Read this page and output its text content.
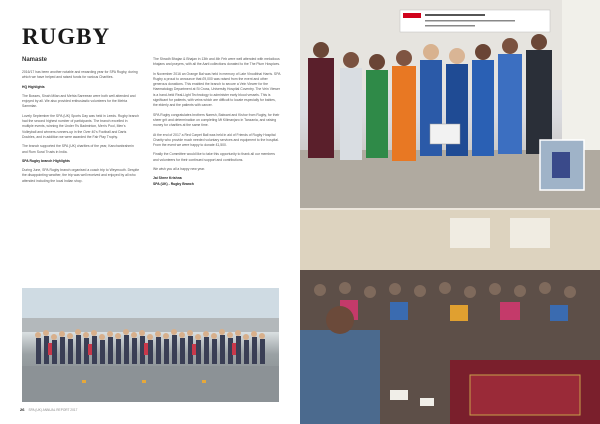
RUGBY
Namaste

2016/17 has been another notable and rewarding year for SPA Rugby, during which we have helped and raised funds for various Charities.

HQ Highlights

The Bosses, Sinah Milan and Mehta Sareeean were both well attended and enjoyed by all. We also provided enthusiastic volunteers for the Mehta Sammlan.

Lovely September the SPA (UK) Sports Day was held in Leeds. Rugby branch had the second highest number of participants. The branch excelled in multiple events, winning the Under 9's Badminton, Men's Pool, Men's Volleyball and winners-runners-up in the Over 40's Football and Darts Doubles, and in addition we were awarded the Fair Play Trophy.

The branch supported the SPA (UK) charities of the year, Kanchanbrahmin and Rum Surai Trusts in India.

SPA Rugby branch Highlights

During June, SPA Rugby branch organised a coach trip to Weymouth. Despite the disappointing weather, the trip was well received and enjoyed by all who attended including the local Indian shop.

The Shradh Bhajan & Bhajan in 13th and 4th Feb were well attended with melodious bhajans and prayers, with all the Aarti collections donated to the The Plum Hospices.

In November 2016 an Orange Bal was held in memory of Late Vinodbhai Harris. SPA Rugby a proud to announce that £9,000 was raised from the event and other generous donations. This enabled the branch to secure a Vein Viewer for the Haematology Department at St Cross, University Hospital Coventry. The Vein Viewer is a hand-held Real-Light Technology to administer early blood vessels. This is significant for patients, with veins which are difficult to locate especially for babies, the elderly and the patients with cancer.

SPA Rugby congratulates brothers Naresh, Balwant and Kishor from Rugby, for their sheer grit and determination on completing Mt Kilimanjaro in Tanzania, and raising money for charities at the same time.

At the end of 2017 a Red Carpet Ball was held in aid of Friends of Rugby Hospital Charity who provide much needed voluntary services and equipment to the hospital. From the event we were happy to donate £1,500.

Finally the Committee would like to take this opportunity to thank all our members and volunteers for their continued support and contributions.

We wish you all a happy new year.

Jai Shree Krishna

SPA (UK) - Rugby Branch

26 SPA (UK) ANNUAL REPORT 2017
